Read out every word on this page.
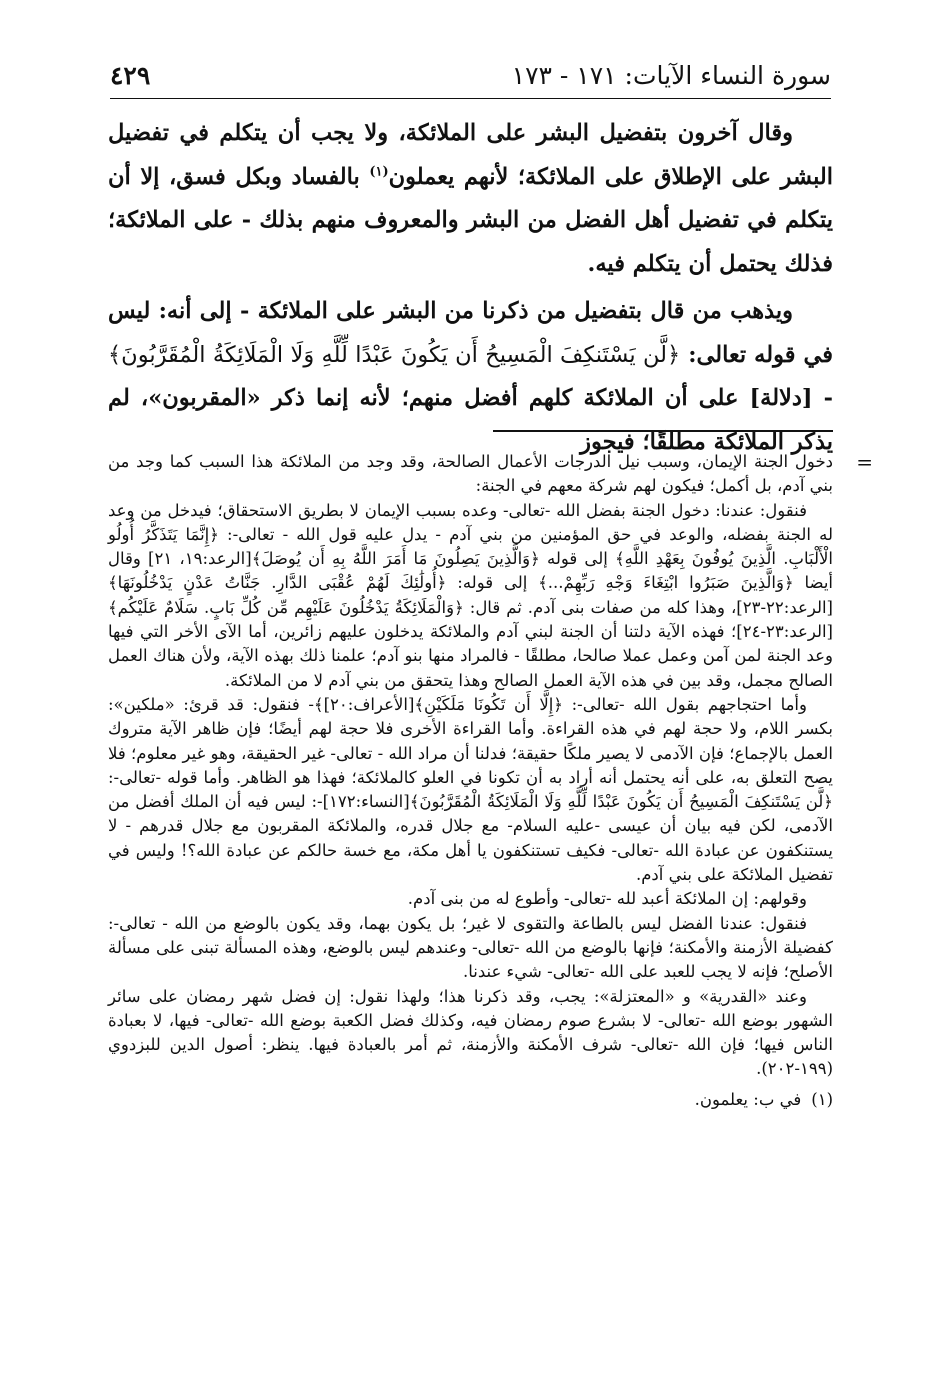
سورة النساء الآيات: ١٧١ - ١٧٣
٤٢٩

وقال آخرون بتفضيل البشر على الملائكة، ولا يجب أن يتكلم في تفضيل البشر على الإطلاق على الملائكة؛ لأنهم يعملون$^{(١)}$ بالفساد وبكل فسق، إلا أن يتكلم في تفضيل أهل الفضل من البشر والمعروف منهم بذلك - على الملائكة؛ فذلك يحتمل أن يتكلم فيه.

ويذهب من قال بتفضيل من ذكرنا من البشر على الملائكة - إلى أنه: ليس في قوله تعالى: ﴿لَّن يَسْتَنكِفَ الْمَسِيحُ أَن يَكُونَ عَبْدًا لِّلَّهِ وَلَا الْمَلَائِكَةُ الْمُقَرَّبُونَ﴾ - [دلالة] على أن الملائكة كلهم أفضل منهم؛ لأنه إنما ذكر «المقربون»، لم يذكر الملائكة مطلقًا؛ فيجوز

=
دخول الجنة الإيمان، وسبب نيل الدرجات الأعمال الصالحة، وقد وجد من الملائكة هذا السبب كما وجد من بني آدم، بل أكمل؛ فيكون لهم شركة معهم في الجنة:

فنقول: عندنا: دخول الجنة بفضل الله -تعالى- وعده بسبب الإيمان لا بطريق الاستحقاق؛ فيدخل من وعد له الجنة بفضله، والوعد في حق المؤمنين من بني آدم - يدل عليه قول الله - تعالى-: ﴿إِنَّمَا يَتَذَكَّرُ أُولُو الْأَلْبَابِ. الَّذِينَ يُوفُونَ بِعَهْدِ اللَّهِ﴾ إلى قوله ﴿وَالَّذِينَ يَصِلُونَ مَا أَمَرَ اللَّهُ بِهِ أَن يُوصَلَ﴾[الرعد:١٩، ٢١] وقال أيضا ﴿وَالَّذِينَ صَبَرُوا ابْتِغَاءَ وَجْهِ رَبِّهِمْ...﴾ إلى قوله: ﴿أُولَٰئِكَ لَهُمْ عُقْبَى الدَّارِ. جَنَّاتُ عَدْنٍ يَدْخُلُونَهَا﴾[الرعد:٢٢-٢٣]، وهذا كله من صفات بنى آدم. ثم قال: ﴿وَالْمَلَائِكَةُ يَدْخُلُونَ عَلَيْهِم مِّن كُلِّ بَابٍ. سَلَامٌ عَلَيْكُم﴾[الرعد:٢٣-٢٤]؛ فهذه الآية دلتنا أن الجنة لبني آدم والملائكة يدخلون عليهم زائرين، أما الآى الأخر التي فيها وعد الجنة لمن آمن وعمل عملا صالحا، مطلقًا - فالمراد منها بنو آدم؛ علمنا ذلك بهذه الآية، ولأن هناك العمل الصالح مجمل، وقد بين في هذه الآية العمل الصالح وهذا يتحقق من بني آدم لا من الملائكة.

وأما احتجاجهم بقول الله -تعالى-: ﴿إِلَّا أَن تَكُونَا مَلَكَيْنِ﴾[الأعراف:٢٠]﴾- فنقول: قد قرئ: «ملكين»: بكسر اللام، ولا حجة لهم في هذه القراءة. وأما القراءة الأخرى فلا حجة لهم أيضًا؛ فإن ظاهر الآية متروك العمل بالإجماع؛ فإن الآدمى لا يصير ملكًا حقيقة؛ فدلنا أن مراد الله - تعالى- غير الحقيقة، وهو غير معلوم؛ فلا يصح التعلق به، على أنه يحتمل أنه أراد به أن تكونا في العلو كالملائكة؛ فهذا هو الظاهر. وأما قوله -تعالى-:﴿لَّن يَسْتَنكِفَ الْمَسِيحُ أَن يَكُونَ عَبْدًا لِّلَّهِ وَلَا الْمَلَائِكَةُ الْمُقَرَّبُونَ﴾[النساء:١٧٢]-: ليس فيه أن الملك أفضل من الآدمى، لكن فيه بيان أن عيسى -عليه السلام- مع جلال قدره، والملائكة المقربون مع جلال قدرهم - لا يستنكفون عن عبادة الله -تعالى- فكيف تستنكفون يا أهل مكة، مع خسة حالكم عن عبادة الله؟! وليس في تفضيل الملائكة على بني آدم.

وقولهم: إن الملائكة أعبد لله -تعالى- وأطوع له من بنى آدم.

فنقول: عندنا الفضل ليس بالطاعة والتقوى لا غير؛ بل يكون بهما، وقد يكون بالوضع من الله - تعالى-: كفضيلة الأزمنة والأمكنة؛ فإنها بالوضع من الله -تعالى- وعندهم ليس بالوضع، وهذه المسألة تبنى على مسألة الأصلح؛ فإنه لا يجب للعبد على الله -تعالى- شيء عندنا.

وعند «القدرية» و «المعتزلة»: يجب، وقد ذكرنا هذا؛ ولهذا نقول: إن فضل شهر رمضان على سائر الشهور بوضع الله -تعالى- لا بشرع صوم رمضان فيه، وكذلك فضل الكعبة بوضع الله -تعالى- فيها، لا بعبادة الناس فيها؛ فإن الله -تعالى- شرف الأمكنة والأزمنة، ثم أمر بالعبادة فيها. ينظر: أصول الدين للبزدوي (١٩٩-٢٠٢).

(١)
في ب: يعلمون.
